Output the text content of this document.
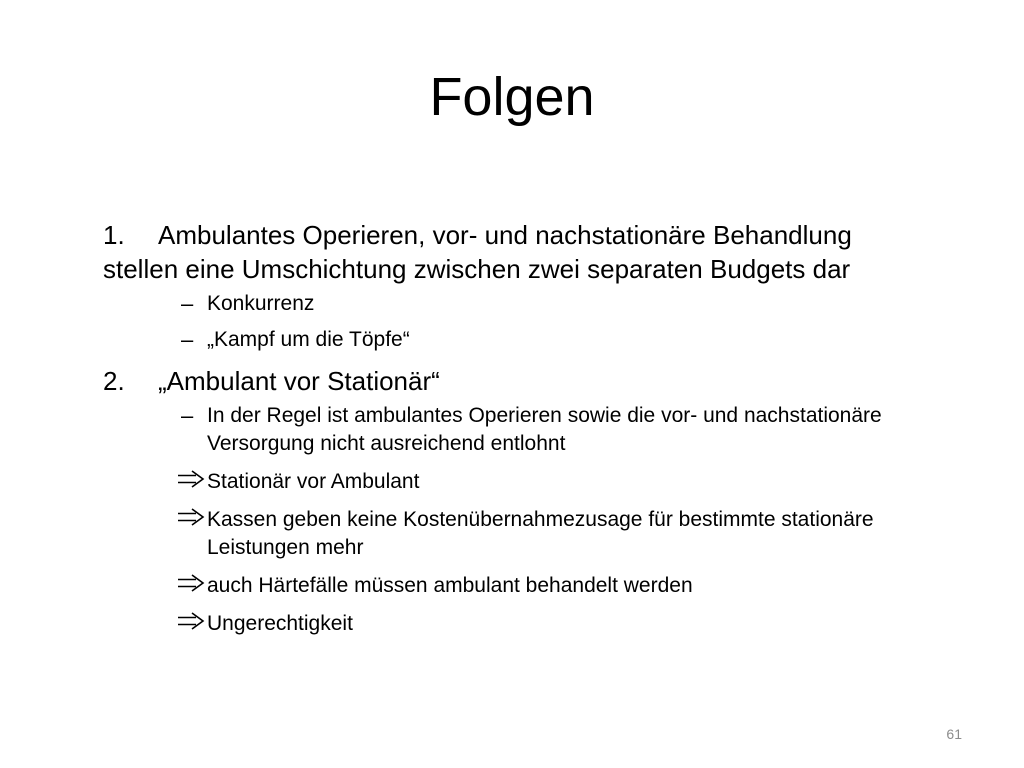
Folgen
1. Ambulantes Operieren, vor- und nachstationäre Behandlung stellen eine Umschichtung zwischen zwei separaten Budgets dar
– Konkurrenz
– „Kampf um die Töpfe“
2. „Ambulant vor Stationär“
– In der Regel ist ambulantes Operieren sowie die vor- und nachstationäre Versorgung nicht ausreichend entlohnt
Stationär vor Ambulant
Kassen geben keine Kostenübernahmezusage für bestimmte stationäre Leistungen mehr
auch Härtefälle müssen ambulant behandelt werden
Ungerechtigkeit
61
